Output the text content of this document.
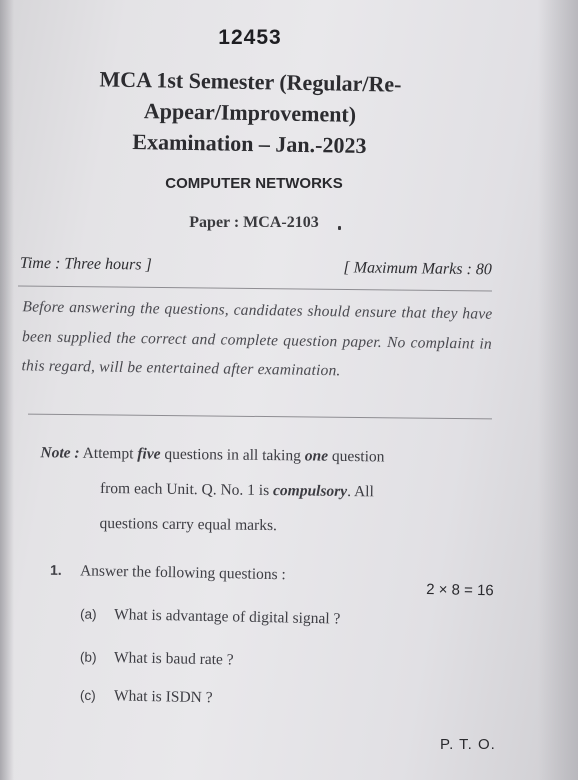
12453
MCA 1st Semester (Regular/Re-
Appear/Improvement)
Examination – Jan.-2023
COMPUTER NETWORKS
Paper : MCA-2103
Time : Three hours ]	[ Maximum Marks : 80
Before answering the questions, candidates should ensure that they have been supplied the correct and complete question paper. No complaint in this regard, will be entertained after examination.
Note : Attempt five questions in all taking one question
from each Unit. Q. No. 1 is compulsory. All
questions carry equal marks.
1. Answer the following questions :
2 × 8 = 16
(a) What is advantage of digital signal ?
(b) What is baud rate ?
(c) What is ISDN ?
P. T. O.
